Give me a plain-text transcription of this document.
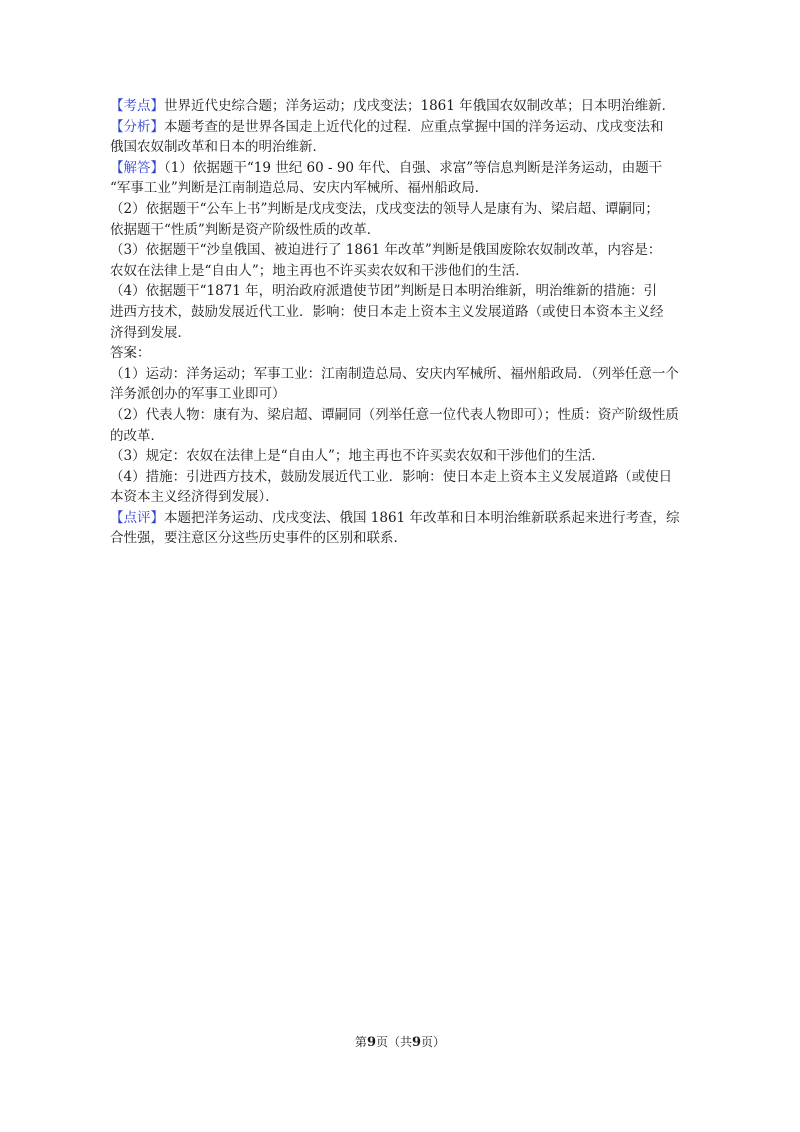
【考点】世界近代史综合题；洋务运动；戊戌变法；1861 年俄国农奴制改革；日本明治维新．
【分析】本题考查的是世界各国走上近代化的过程．应重点掌握中国的洋务运动、戊戌变法和
俄国农奴制改革和日本的明治维新．
【解答】（1）依据题干“19 世纪 60 - 90 年代、自强、求富”等信息判断是洋务运动，由题干
“军事工业”判断是江南制造总局、安庆内军械所、福州船政局．
（2）依据题干“公车上书”判断是戊戌变法，戊戌变法的领导人是康有为、梁启超、谭嗣同；
依据题干“性质”判断是资产阶级性质的改革．
（3）依据题干“沙皇俄国、被迫进行了 1861 年改革”判断是俄国废除农奴制改革，内容是：
农奴在法律上是“自由人”；地主再也不许买卖农奴和干涉他们的生活．
（4）依据题干“1871 年，明治政府派遣使节团”判断是日本明治维新，明治维新的措施：引
进西方技术，鼓励发展近代工业．影响：使日本走上资本主义发展道路（或使日本资本主义经
济得到发展．
答案：
（1）运动：洋务运动；军事工业：江南制造总局、安庆内军械所、福州船政局．（列举任意一个
洋务派创办的军事工业即可）
（2）代表人物：康有为、梁启超、谭嗣同（列举任意一位代表人物即可）；性质：资产阶级性质
的改革．
（3）规定：农奴在法律上是“自由人”；地主再也不许买卖农奴和干涉他们的生活．
（4）措施：引进西方技术，鼓励发展近代工业．影响：使日本走上资本主义发展道路（或使日
本资本主义经济得到发展）．
【点评】本题把洋务运动、戊戌变法、俄国 1861 年改革和日本明治维新联系起来进行考查，综
合性强，要注意区分这些历史事件的区别和联系．
第9页（共9页）
